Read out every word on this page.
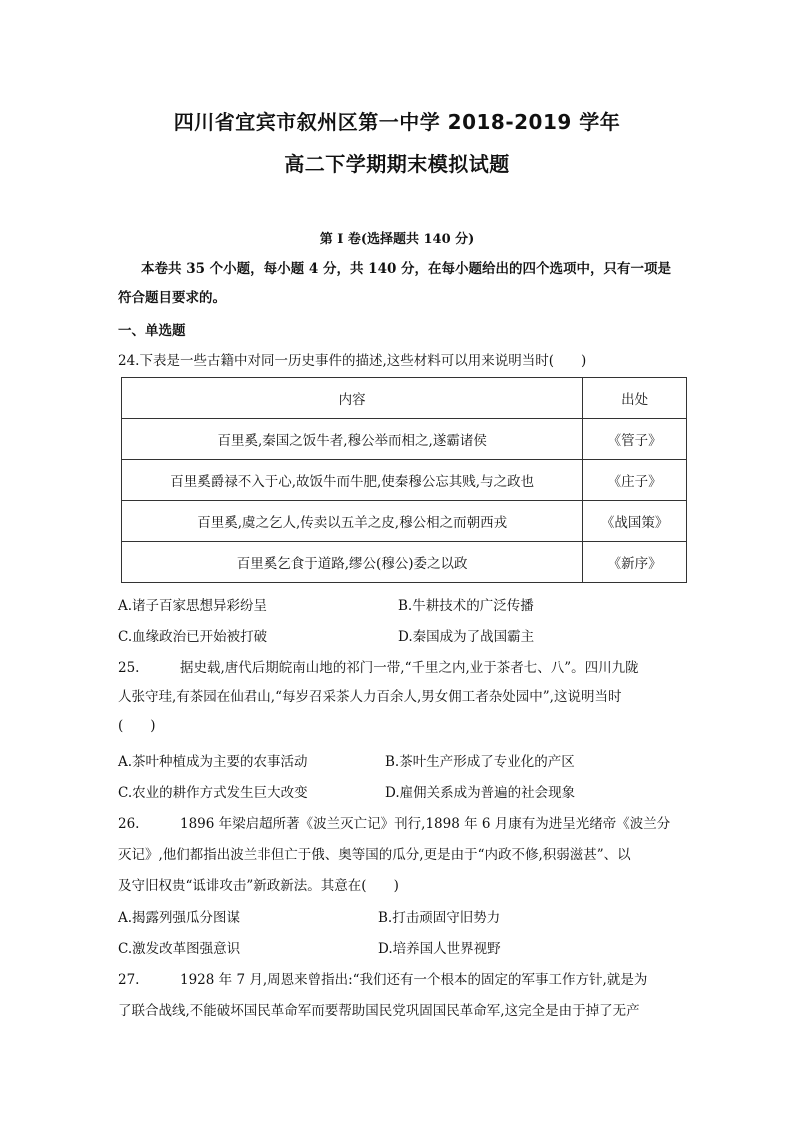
四川省宜宾市叙州区第一中学 2018-2019 学年
高二下学期期末模拟试题
第 I 卷(选择题共 140 分)
本卷共 35 个小题，每小题 4 分，共 140 分，在每小题给出的四个选项中，只有一项是
符合题目要求的。
一、单选题
24.下表是一些古籍中对同一历史事件的描述,这些材料可以用来说明当时(　　)
内容	出处
百里奚,秦国之饭牛者,穆公举而相之,遂霸诸侯	《管子》
百里奚爵禄不入于心,故饭牛而牛肥,使秦穆公忘其贱,与之政也	《庄子》
百里奚,虞之乞人,传卖以五羊之皮,穆公相之而朝西戎	《战国策》
百里奚乞食于道路,缪公(穆公)委之以政	《新序》
A.诸子百家思想异彩纷呈	B.牛耕技术的广泛传播
C.血缘政治已开始被打破	D.秦国成为了战国霸主
25.	据史载,唐代后期皖南山地的祁门一带,“千里之内,业于茶者七、八”。四川九陇
人张守珪,有茶园在仙君山,“每岁召采茶人力百余人,男女佣工者杂处园中”,这说明当时
(　　)
A.茶叶种植成为主要的农事活动	B.茶叶生产形成了专业化的产区
C.农业的耕作方式发生巨大改变	D.雇佣关系成为普遍的社会现象
26.	1896 年梁启超所著《波兰灭亡记》刊行,1898 年 6 月康有为进呈光绪帝《波兰分
灭记》,他们都指出波兰非但亡于俄、奥等国的瓜分,更是由于“内政不修,积弱滋甚”、以
及守旧权贵“诋诽攻击”新政新法。其意在(　　)
A.揭露列强瓜分图谋	B.打击顽固守旧势力
C.激发改革图强意识	D.培养国人世界视野
27.	1928 年 7 月,周恩来曾指出:“我们还有一个根本的固定的军事工作方针,就是为
了联合战线,不能破坏国民革命军而要帮助国民党巩固国民革命军,这完全是由于掉了无产
